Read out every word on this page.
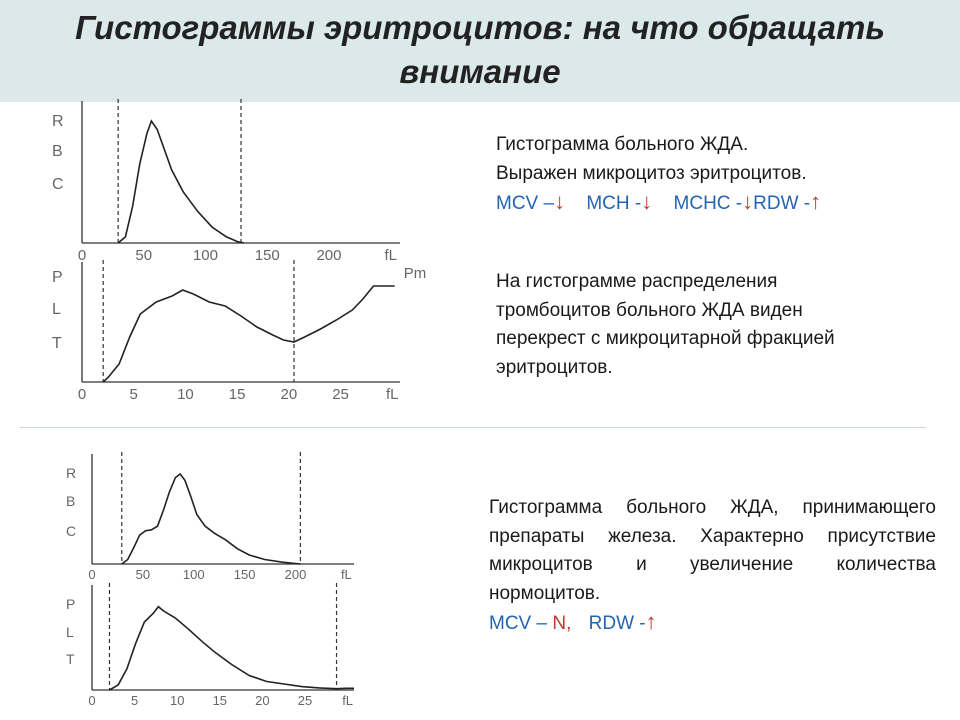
Гистограммы эритроцитов: на что обращать внимание
R
B
C
0	50	100 150 200	fL
P
L
T
0	5	10 15 20 25 fL
Pm
R
B
C
0	50	100 150 200	fL
P
L
T
0	5 10 15 20 25 fL

Гистограмма больного ЖДА.

Выражен микроцитоз эритроцитов.

MCV –↓ MCH -↓ MCHC -↓RDW -↑

На гистограмме распределения тромбоцитов больного ЖДА виден перекрест с микроцитарной фракцией эритроцитов.

Гистограмма больного ЖДА, принимающего препараты железа. Характерно присутствие микроцитов и увеличение количества нормоцитов.

MCV – N, RDW -↑
